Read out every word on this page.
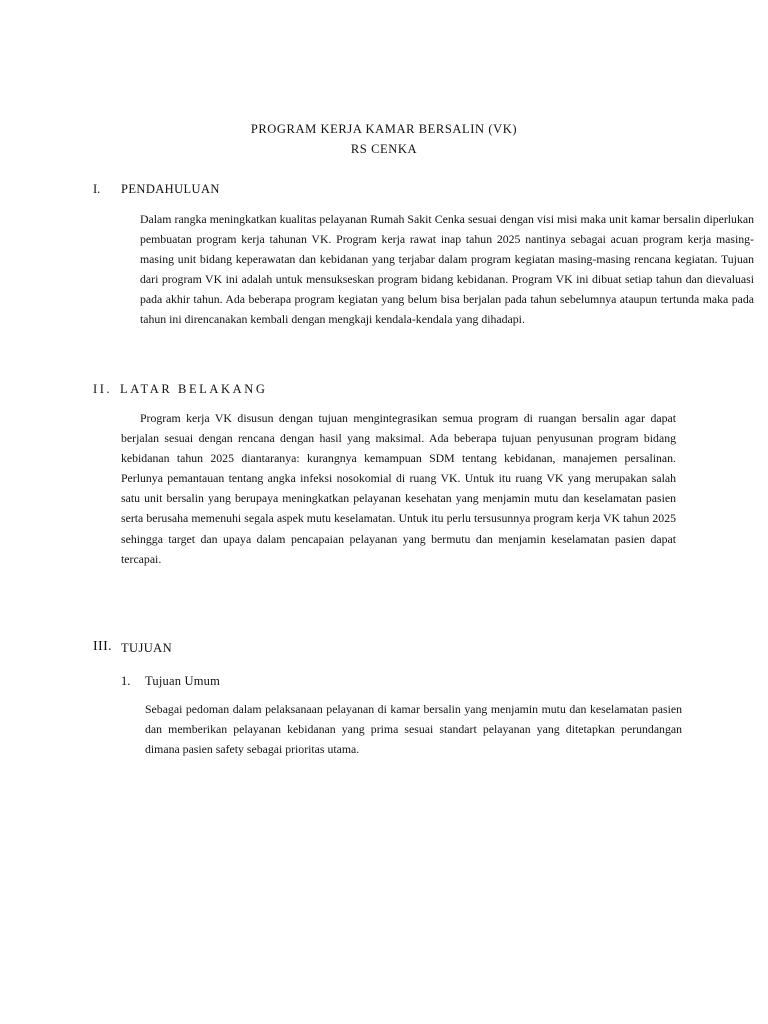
PROGRAM KERJA KAMAR BERSALIN (VK)
RS CENKA
I. PENDAHULUAN
Dalam rangka meningkatkan kualitas pelayanan Rumah Sakit Cenka sesuai dengan visi misi maka unit kamar bersalin diperlukan pembuatan program kerja tahunan VK. Program kerja rawat inap tahun 2025 nantinya sebagai acuan program kerja masing- masing unit bidang keperawatan dan kebidanan yang terjabar dalam program kegiatan masing-masing rencana kegiatan. Tujuan dari program VK ini adalah untuk mensukseskan program bidang kebidanan. Program VK ini dibuat setiap tahun dan dievaluasi pada akhir tahun. Ada beberapa program kegiatan yang belum bisa berjalan pada tahun sebelumnya ataupun tertunda maka pada tahun ini direncanakan kembali dengan mengkaji kendala-kendala yang dihadapi.
II. LATAR BELAKANG
Program kerja VK disusun dengan tujuan mengintegrasikan semua program di ruangan bersalin agar dapat berjalan sesuai dengan rencana dengan hasil yang maksimal. Ada beberapa tujuan penyusunan program bidang kebidanan tahun 2025 diantaranya: kurangnya kemampuan SDM tentang kebidanan, manajemen persalinan. Perlunya pemantauan tentang angka infeksi nosokomial di ruang VK. Untuk itu ruang VK yang merupakan salah satu unit bersalin yang berupaya meningkatkan pelayanan kesehatan yang menjamin mutu dan keselamatan pasien serta berusaha memenuhi segala aspek mutu keselamatan. Untuk itu perlu tersusunnya program kerja VK tahun 2025 sehingga target dan upaya dalam pencapaian pelayanan yang bermutu dan menjamin keselamatan pasien dapat tercapai.
III. TUJUAN
1. Tujuan Umum
Sebagai pedoman dalam pelaksanaan pelayanan di kamar bersalin yang menjamin mutu dan keselamatan pasien dan memberikan pelayanan kebidanan yang prima sesuai standart pelayanan yang ditetapkan perundangan dimana pasien safety sebagai prioritas utama.
